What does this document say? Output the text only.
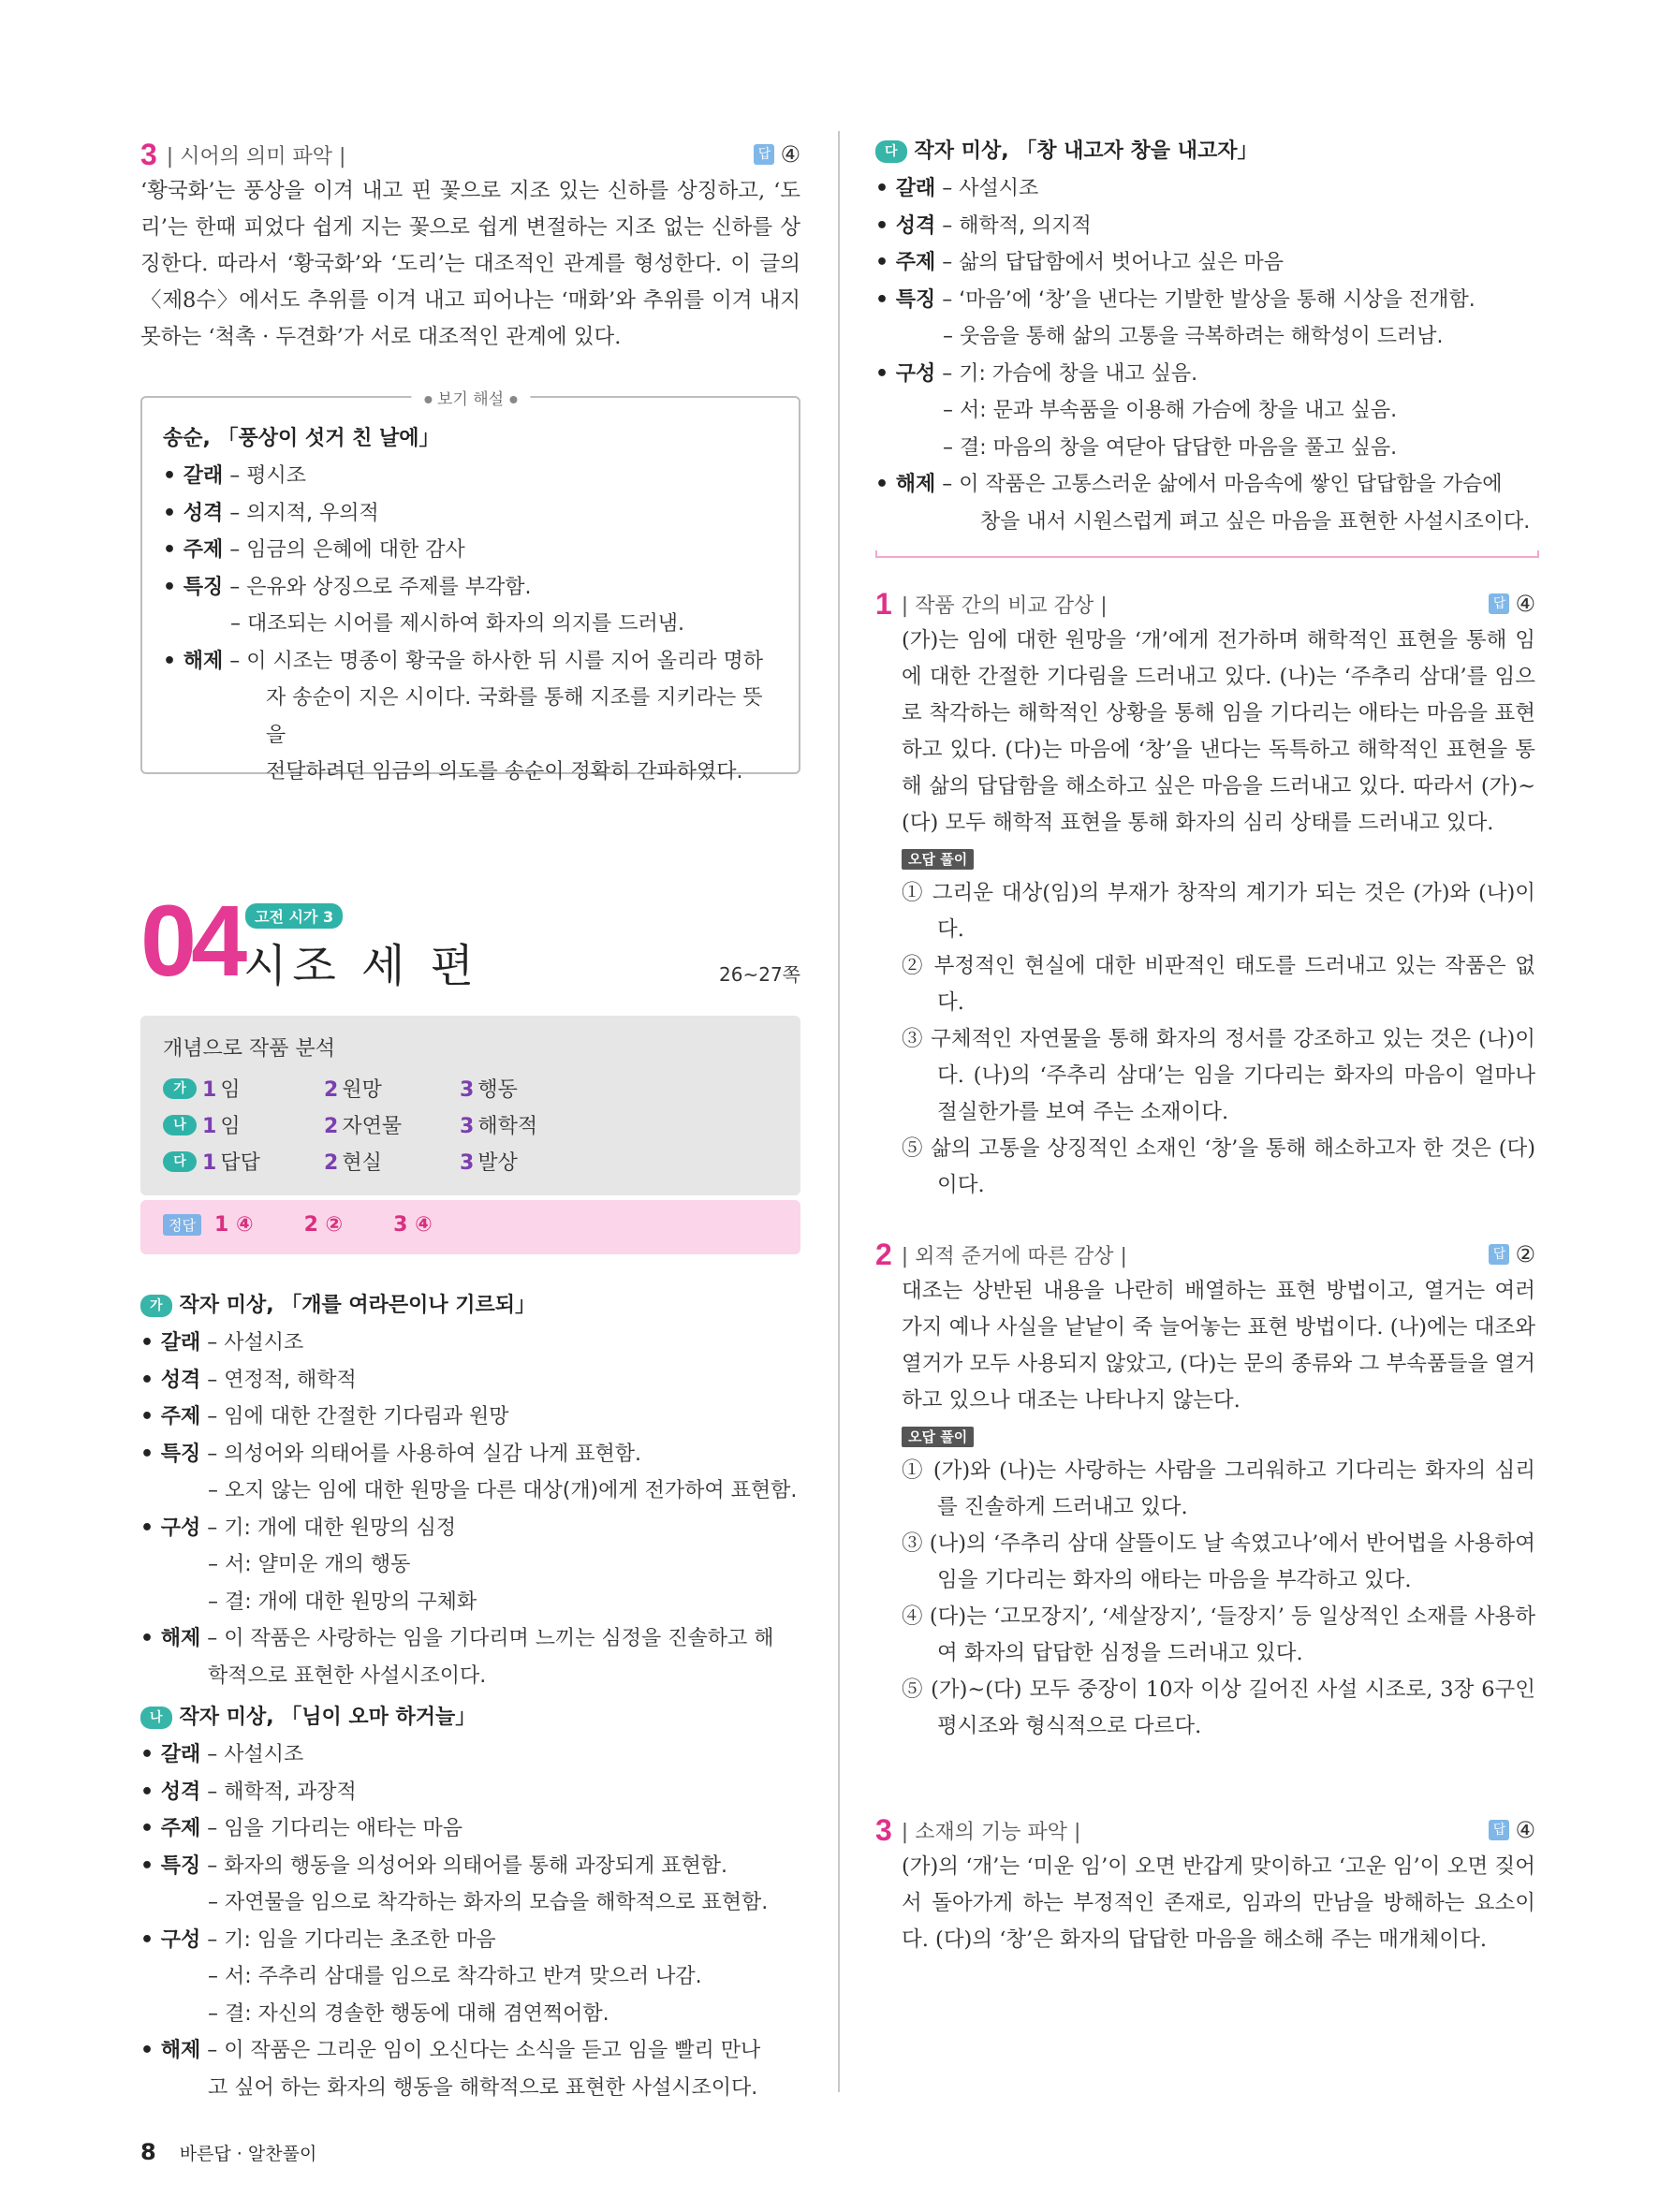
3 | 시어의 의미 파악 |	답 ④

‘황국화’는 풍상을 이겨 내고 핀 꽃으로 지조 있는 신하를 상징하고, ‘도리’는 한때 피었다 쉽게 지는 꽃으로 쉽게 변절하는 지조 없는 신하를 상징한다. 따라서 ‘황국화’와 ‘도리’는 대조적인 관계를 형성한다. 이 글의 〈제8수〉에서도 추위를 이겨 내고 피어나는 ‘매화’와 추위를 이겨 내지 못하는 ‘척촉 · 두견화’가 서로 대조적인 관계에 있다.

보기 해설
송순, 「풍상이 섯거 친 날에」

• 갈래 – 평시조

• 성격 – 의지적, 우의적

• 주제 – 임금의 은혜에 대한 감사

• 특징 – 은유와 상징으로 주제를 부각함.

– 대조되는 시어를 제시하여 화자의 의지를 드러냄.

• 해제 – 이 시조는 명종이 황국을 하사한 뒤 시를 지어 올리라 명하

자 송순이 지은 시이다. 국화를 통해 지조를 지키라는 뜻을

전달하려던 임금의 의도를 송순이 정확히 간파하였다.

04 고전 시가 3
시조 세 편	26~27쪽
개념으로 작품 분석
가 1 임	2 원망	3 행동
나 1 임	2 자연물	3 해학적
다 1 답답	2 현실	3 발상
정답 1 ④ 2 ② 3 ④
가 작자 미상, 「개를 여라믄이나 기르되」

• 갈래 – 사설시조

• 성격 – 연정적, 해학적

• 주제 – 임에 대한 간절한 기다림과 원망

• 특징 – 의성어와 의태어를 사용하여 실감 나게 표현함.

– 오지 않는 임에 대한 원망을 다른 대상(개)에게 전가하여 표현함.

• 구성 – 기: 개에 대한 원망의 심정

– 서: 얄미운 개의 행동

– 결: 개에 대한 원망의 구체화

• 해제 – 이 작품은 사랑하는 임을 기다리며 느끼는 심정을 진솔하고 해

학적으로 표현한 사설시조이다.

나 작자 미상, 「님이 오마 하거늘」

• 갈래 – 사설시조

• 성격 – 해학적, 과장적

• 주제 – 임을 기다리는 애타는 마음

• 특징 – 화자의 행동을 의성어와 의태어를 통해 과장되게 표현함.

– 자연물을 임으로 착각하는 화자의 모습을 해학적으로 표현함.

• 구성 – 기: 임을 기다리는 초조한 마음

– 서: 주추리 삼대를 임으로 착각하고 반겨 맞으러 나감.

– 결: 자신의 경솔한 행동에 대해 겸연쩍어함.

• 해제 – 이 작품은 그리운 임이 오신다는 소식을 듣고 임을 빨리 만나

고 싶어 하는 화자의 행동을 해학적으로 표현한 사설시조이다.

8 바른답 · 알찬풀이
다 작자 미상, 「창 내고자 창을 내고자」

• 갈래 – 사설시조

• 성격 – 해학적, 의지적

• 주제 – 삶의 답답함에서 벗어나고 싶은 마음

• 특징 – ‘마음’에 ‘창’을 낸다는 기발한 발상을 통해 시상을 전개함.

– 웃음을 통해 삶의 고통을 극복하려는 해학성이 드러남.

• 구성 – 기: 가슴에 창을 내고 싶음.

– 서: 문과 부속품을 이용해 가슴에 창을 내고 싶음.

– 결: 마음의 창을 여닫아 답답한 마음을 풀고 싶음.

• 해제 – 이 작품은 고통스러운 삶에서 마음속에 쌓인 답답함을 가슴에

창을 내서 시원스럽게 펴고 싶은 마음을 표현한 사설시조이다.

1 | 작품 간의 비교 감상 |	답 ④

(가)는 임에 대한 원망을 ‘개’에게 전가하며 해학적인 표현을 통해 임에 대한 간절한 기다림을 드러내고 있다. (나)는 ‘주추리 삼대’를 임으로 착각하는 해학적인 상황을 통해 임을 기다리는 애타는 마음을 표현하고 있다. (다)는 마음에 ‘창’을 낸다는 독특하고 해학적인 표현을 통해 삶의 답답함을 해소하고 싶은 마음을 드러내고 있다. 따라서 (가)~(다) 모두 해학적 표현을 통해 화자의 심리 상태를 드러내고 있다.

오답 풀이

① 그리운 대상(임)의 부재가 창작의 계기가 되는 것은 (가)와 (나)이다.

② 부정적인 현실에 대한 비판적인 태도를 드러내고 있는 작품은 없다.

③ 구체적인 자연물을 통해 화자의 정서를 강조하고 있는 것은 (나)이다. (나)의 ‘주추리 삼대’는 임을 기다리는 화자의 마음이 얼마나 절실한가를 보여 주는 소재이다.

⑤ 삶의 고통을 상징적인 소재인 ‘창’을 통해 해소하고자 한 것은 (다)이다.

2 | 외적 준거에 따른 감상 |	답 ②

대조는 상반된 내용을 나란히 배열하는 표현 방법이고, 열거는 여러 가지 예나 사실을 낱낱이 죽 늘어놓는 표현 방법이다. (나)에는 대조와 열거가 모두 사용되지 않았고, (다)는 문의 종류와 그 부속품들을 열거하고 있으나 대조는 나타나지 않는다.

오답 풀이

① (가)와 (나)는 사랑하는 사람을 그리워하고 기다리는 화자의 심리를 진솔하게 드러내고 있다.

③ (나)의 ‘주추리 삼대 살뜰이도 날 속였고나’에서 반어법을 사용하여 임을 기다리는 화자의 애타는 마음을 부각하고 있다.

④ (다)는 ‘고모장지’, ‘세살장지’, ‘들장지’ 등 일상적인 소재를 사용하여 화자의 답답한 심정을 드러내고 있다.

⑤ (가)~(다) 모두 중장이 10자 이상 길어진 사설 시조로, 3장 6구인 평시조와 형식적으로 다르다.

3 | 소재의 기능 파악 |	답 ④

(가)의 ‘개’는 ‘미운 임’이 오면 반갑게 맞이하고 ‘고운 임’이 오면 짖어서 돌아가게 하는 부정적인 존재로, 임과의 만남을 방해하는 요소이다. (다)의 ‘창’은 화자의 답답한 마음을 해소해 주는 매개체이다.
